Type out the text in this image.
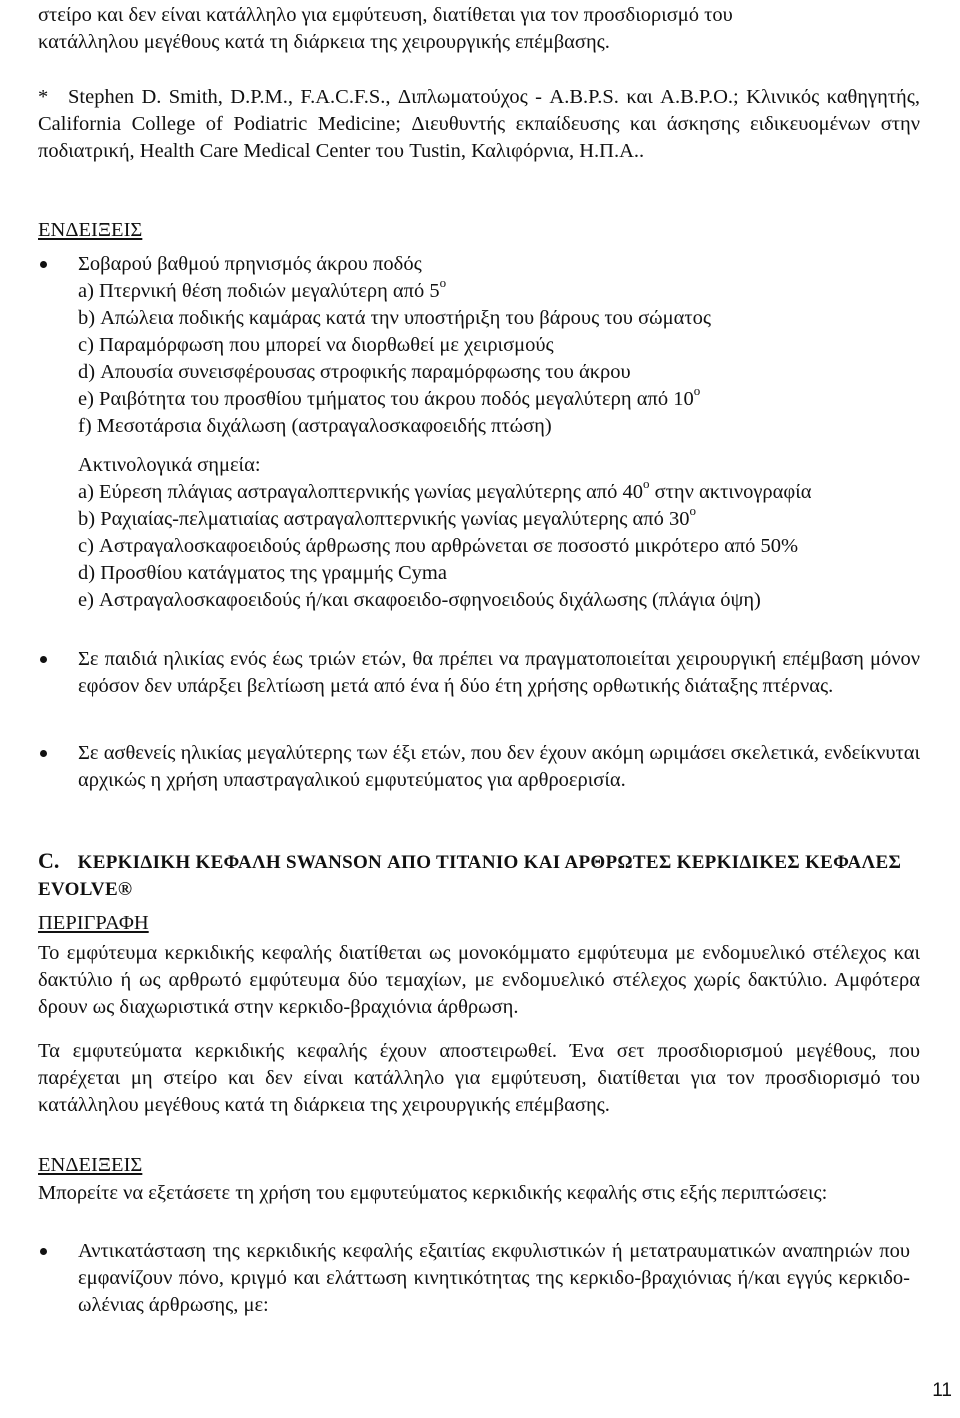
στείρο και δεν είναι κατάλληλο για εμφύτευση, διατίθεται για τον προσδιορισμό του
κατάλληλου μεγέθους κατά τη διάρκεια της χειρουργικής επέμβασης.
* Stephen D. Smith, D.P.M., F.A.C.F.S., Διπλωματούχος - A.B.P.S. και A.B.P.O.; Κλινικός καθηγητής, California College of Podiatric Medicine; Διευθυντής εκπαίδευσης και άσκησης ειδικευομένων στην ποδιατρική, Health Care Medical Center του Tustin, Καλιφόρνια, Η.Π.Α..
ΕΝΔΕΙΞΕΙΣ
Σοβαρού βαθμού πρηνισμός άκρου ποδός
a) Πτερνική θέση ποδιών μεγαλύτερη από $5^o$
b) Απώλεια ποδικής καμάρας κατά την υποστήριξη του βάρους του σώματος
c) Παραμόρφωση που μπορεί να διορθωθεί με χειρισμούς
d) Απουσία συνεισφέρουσας στροφικής παραμόρφωσης του άκρου
e) Ραιβότητα του προσθίου τμήματος του άκρου ποδός μεγαλύτερη από $10^o$
f) Μεσοτάρσια διχάλωση (αστραγαλοσκαφοειδής πτώση)
Ακτινολογικά σημεία:
a) Εύρεση πλάγιας αστραγαλοπτερνικής γωνίας μεγαλύτερης από $40^o$ στην ακτινογραφία
b) Ραχιαίας-πελματιαίας αστραγαλοπτερνικής γωνίας μεγαλύτερης από $30^o$
c) Αστραγαλοσκαφοειδούς άρθρωσης που αρθρώνεται σε ποσοστό μικρότερο από 50%
d) Προσθίου κατάγματος της γραμμής Cyma
e) Αστραγαλοσκαφοειδούς ή/και σκαφοειδο-σφηνοειδούς διχάλωσης (πλάγια όψη)
Σε παιδιά ηλικίας ενός έως τριών ετών, θα πρέπει να πραγματοποιείται χειρουργική επέμβαση μόνον εφόσον δεν υπάρξει βελτίωση μετά από ένα ή δύο έτη χρήσης ορθωτικής διάταξης πτέρνας.
Σε ασθενείς ηλικίας μεγαλύτερης των έξι ετών, που δεν έχουν ακόμη ωριμάσει σκελετικά, ενδείκνυται αρχικώς η χρήση υπαστραγαλικού εμφυτεύματος για αρθροερισία.
C. ΚΕΡΚΙΔΙΚΗ ΚΕΦΑΛΗ SWANSON ΑΠΟ ΤΙΤΑΝΙΟ ΚΑΙ ΑΡΘΡΩΤΕΣ ΚΕΡΚΙΔΙΚΕΣ ΚΕΦΑΛΕΣ
EVOLVE®
ΠΕΡΙΓΡΑΦΗ
Το εμφύτευμα κερκιδικής κεφαλής διατίθεται ως μονοκόμματο εμφύτευμα με ενδομυελικό στέλεχος και δακτύλιο ή ως αρθρωτό εμφύτευμα δύο τεμαχίων, με ενδομυελικό στέλεχος χωρίς δακτύλιο. Αμφότερα δρουν ως διαχωριστικά στην κερκιδο-βραχιόνια άρθρωση.
Τα εμφυτεύματα κερκιδικής κεφαλής έχουν αποστειρωθεί. Ένα σετ προσδιορισμού μεγέθους, που παρέχεται μη στείρο και δεν είναι κατάλληλο για εμφύτευση, διατίθεται για τον προσδιορισμό του κατάλληλου μεγέθους κατά τη διάρκεια της χειρουργικής επέμβασης.
ΕΝΔΕΙΞΕΙΣ
Μπορείτε να εξετάσετε τη χρήση του εμφυτεύματος κερκιδικής κεφαλής στις εξής περιπτώσεις:
Αντικατάσταση της κερκιδικής κεφαλής εξαιτίας εκφυλιστικών ή μετατραυματικών αναπηριών που εμφανίζουν πόνο, κριγμό και ελάττωση κινητικότητας της κερκιδο-βραχιόνιας ή/και εγγύς κερκιδο-ωλένιας άρθρωσης, με:
11
